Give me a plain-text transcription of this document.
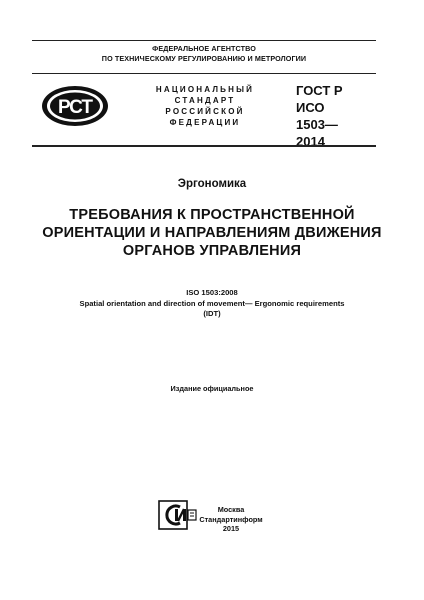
ФЕДЕРАЛЬНОЕ АГЕНТСТВО
ПО ТЕХНИЧЕСКОМУ РЕГУЛИРОВАНИЮ И МЕТРОЛОГИИ
РСТ
НАЦИОНАЛЬНЫЙ
СТАНДАРТ
РОССИЙСКОЙ
ФЕДЕРАЦИИ
ГОСТ Р
ИСО
1503—
2014
Эргономика
ТРЕБОВАНИЯ К ПРОСТРАНСТВЕННОЙ
ОРИЕНТАЦИИ И НАПРАВЛЕНИЯМ ДВИЖЕНИЯ
ОРГАНОВ УПРАВЛЕНИЯ
ISO 1503:2008
Spatial orientation and direction of movement— Ergonomic requirements
(IDT)
Издание официальное
Москва
Стандартинформ
2015
